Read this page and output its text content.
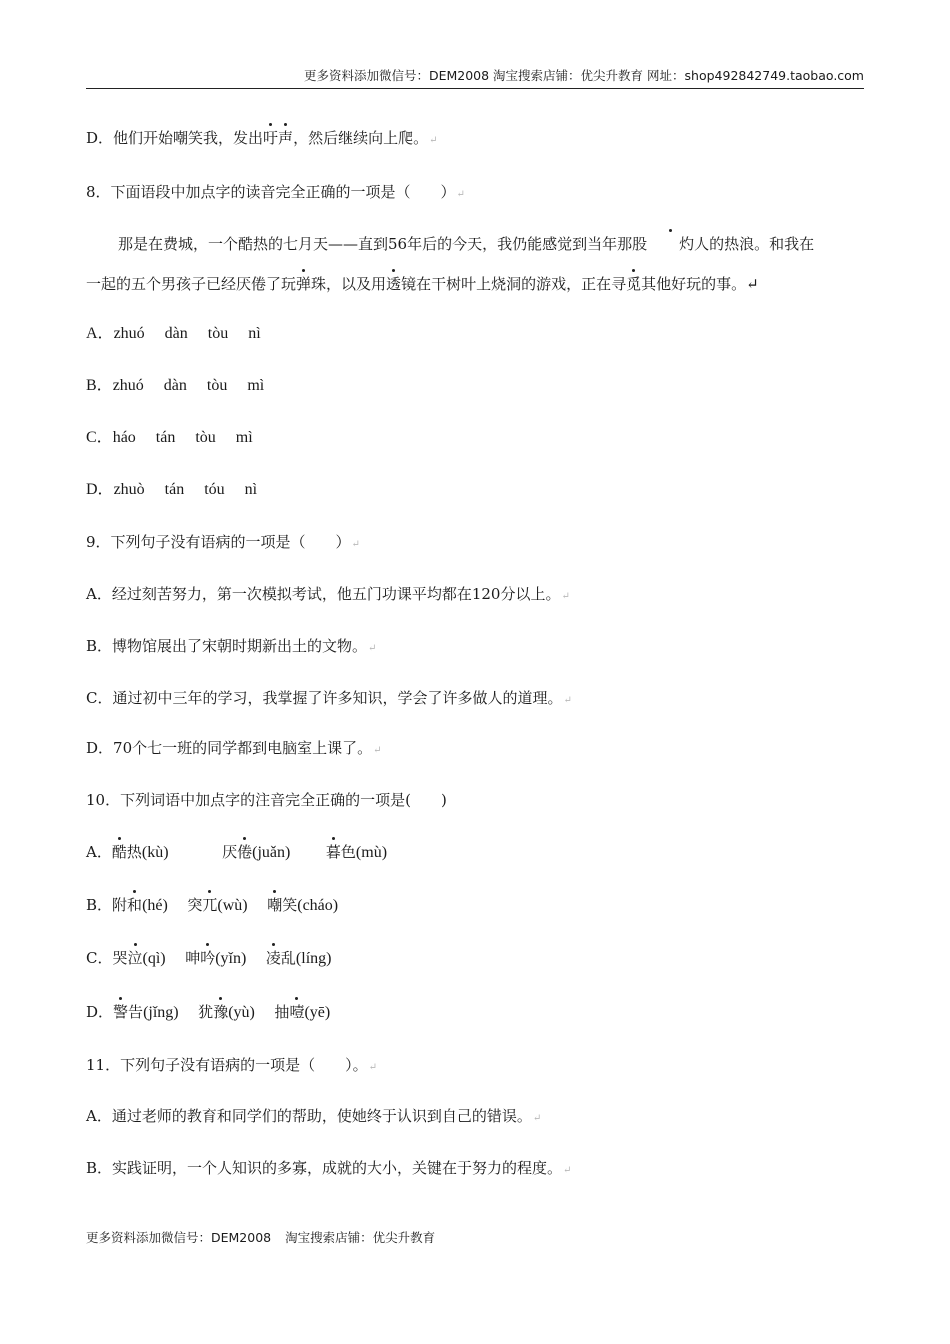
更多资料添加微信号：DEM2008 淘宝搜索店铺：优尖升教育 网址：shop492842749.taobao.com
D．他们开始嘲笑我，发出吁声，然后继续向上爬。↵
8．下面语段中加点字的读音完全正确的一项是（　　）↵
那是在费城，一个酷热的七月天——直到56年后的今天，我仍能感觉到当年那股 灼人的热浪。和我在
一起的五个男孩子已经厌倦了玩弹珠，以及用透镜在干树叶上烧洞的游戏，正在寻觅其他好玩的事。↵
A．zhuó dàn tòu nì
B．zhuó dàn tòu mì
C．háo tán tòu mì
D．zhuò tán tóu nì
9．下列句子没有语病的一项是（　　）↵
A．经过刻苦努力，第一次模拟考试，他五门功课平均都在120分以上。↵
B．博物馆展出了宋朝时期新出土的文物。↵
C．通过初中三年的学习，我掌握了许多知识，学会了许多做人的道理。↵
D．70个七一班的同学都到电脑室上课了。↵
10．下列词语中加点字的注音完全正确的一项是(　　)
A．酷热(kù)	厌倦(juǎn) 暮色(mù)
B．附和(hé) 突兀(wù) 嘲笑(cháo)
C．哭泣(qì) 呻吟(yǐn) 凌乱(líng)
D．警告(jǐng) 犹豫(yù) 抽噎(yē)
11．下列句子没有语病的一项是（　　）。↵
A．通过老师的教育和同学们的帮助，使她终于认识到自己的错误。↵
B．实践证明，一个人知识的多寡，成就的大小，关键在于努力的程度。↵
更多资料添加微信号：DEM2008 淘宝搜索店铺：优尖升教育
